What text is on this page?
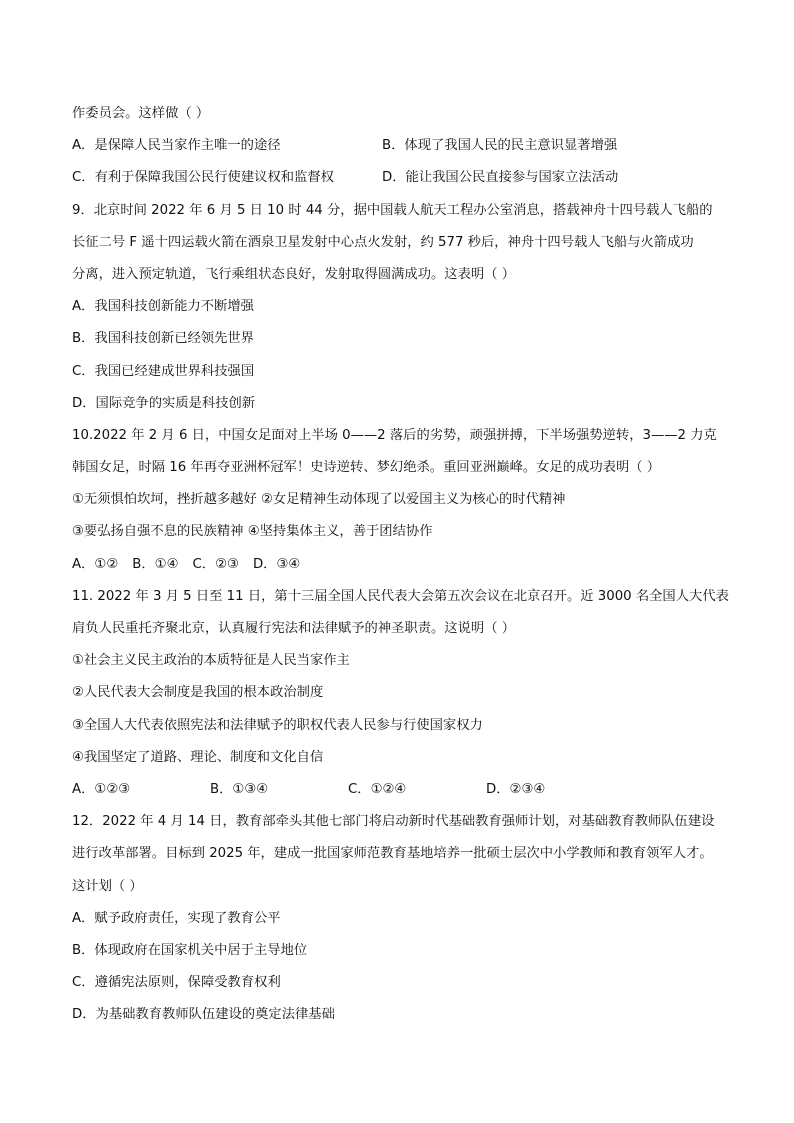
作委员会。这样做（ ）
A．是保障人民当家作主唯一的途径	B．体现了我国人民的民主意识显著增强
C．有利于保障我国公民行使建议权和监督权	D．能让我国公民直接参与国家立法活动
9．北京时间 2022 年 6 月 5 日 10 时 44 分，据中国载人航天工程办公室消息，搭载神舟十四号载人飞船的
长征二号 F 遥十四运载火箭在酒泉卫星发射中心点火发射，约 577 秒后，神舟十四号载人飞船与火箭成功
分离，进入预定轨道，飞行乘组状态良好，发射取得圆满成功。这表明（ ）
A．我国科技创新能力不断增强
B．我国科技创新已经领先世界
C．我国已经建成世界科技强国
D．国际竞争的实质是科技创新
10.2022 年 2 月 6 日，中国女足面对上半场 0——2 落后的劣势，顽强拼搏，下半场强势逆转，3——2 力克
韩国女足，时隔 16 年再夺亚洲杯冠军！史诗逆转、梦幻绝杀。重回亚洲巅峰。女足的成功表明（ ）
①无须惧怕坎坷，挫折越多越好 ②女足精神生动体现了以爱国主义为核心的时代精神
③要弘扬自强不息的民族精神 ④坚持集体主义，善于团结协作
A．①② B．①④ C．②③ D．③④
11. 2022 年 3 月 5 日至 11 日，第十三届全国人民代表大会第五次会议在北京召开。近 3000 名全国人大代表
肩负人民重托齐聚北京，认真履行宪法和法律赋予的神圣职责。这说明（ ）
①社会主义民主政治的本质特征是人民当家作主
②人民代表大会制度是我国的根本政治制度
③全国人大代表依照宪法和法律赋予的职权代表人民参与行使国家权力
④我国坚定了道路、理论、制度和文化自信
A．①②③	B．①③④	C．①②④	D．②③④
12．2022 年 4 月 14 日，教育部牵头其他七部门将启动新时代基础教育强师计划，对基础教育教师队伍建设
进行改革部署。目标到 2025 年，建成一批国家师范教育基地培养一批硕士层次中小学教师和教育领军人才。
这计划（ ）
A．赋予政府责任，实现了教育公平
B．体现政府在国家机关中居于主导地位
C．遵循宪法原则，保障受教育权利
D．为基础教育教师队伍建设的奠定法律基础
